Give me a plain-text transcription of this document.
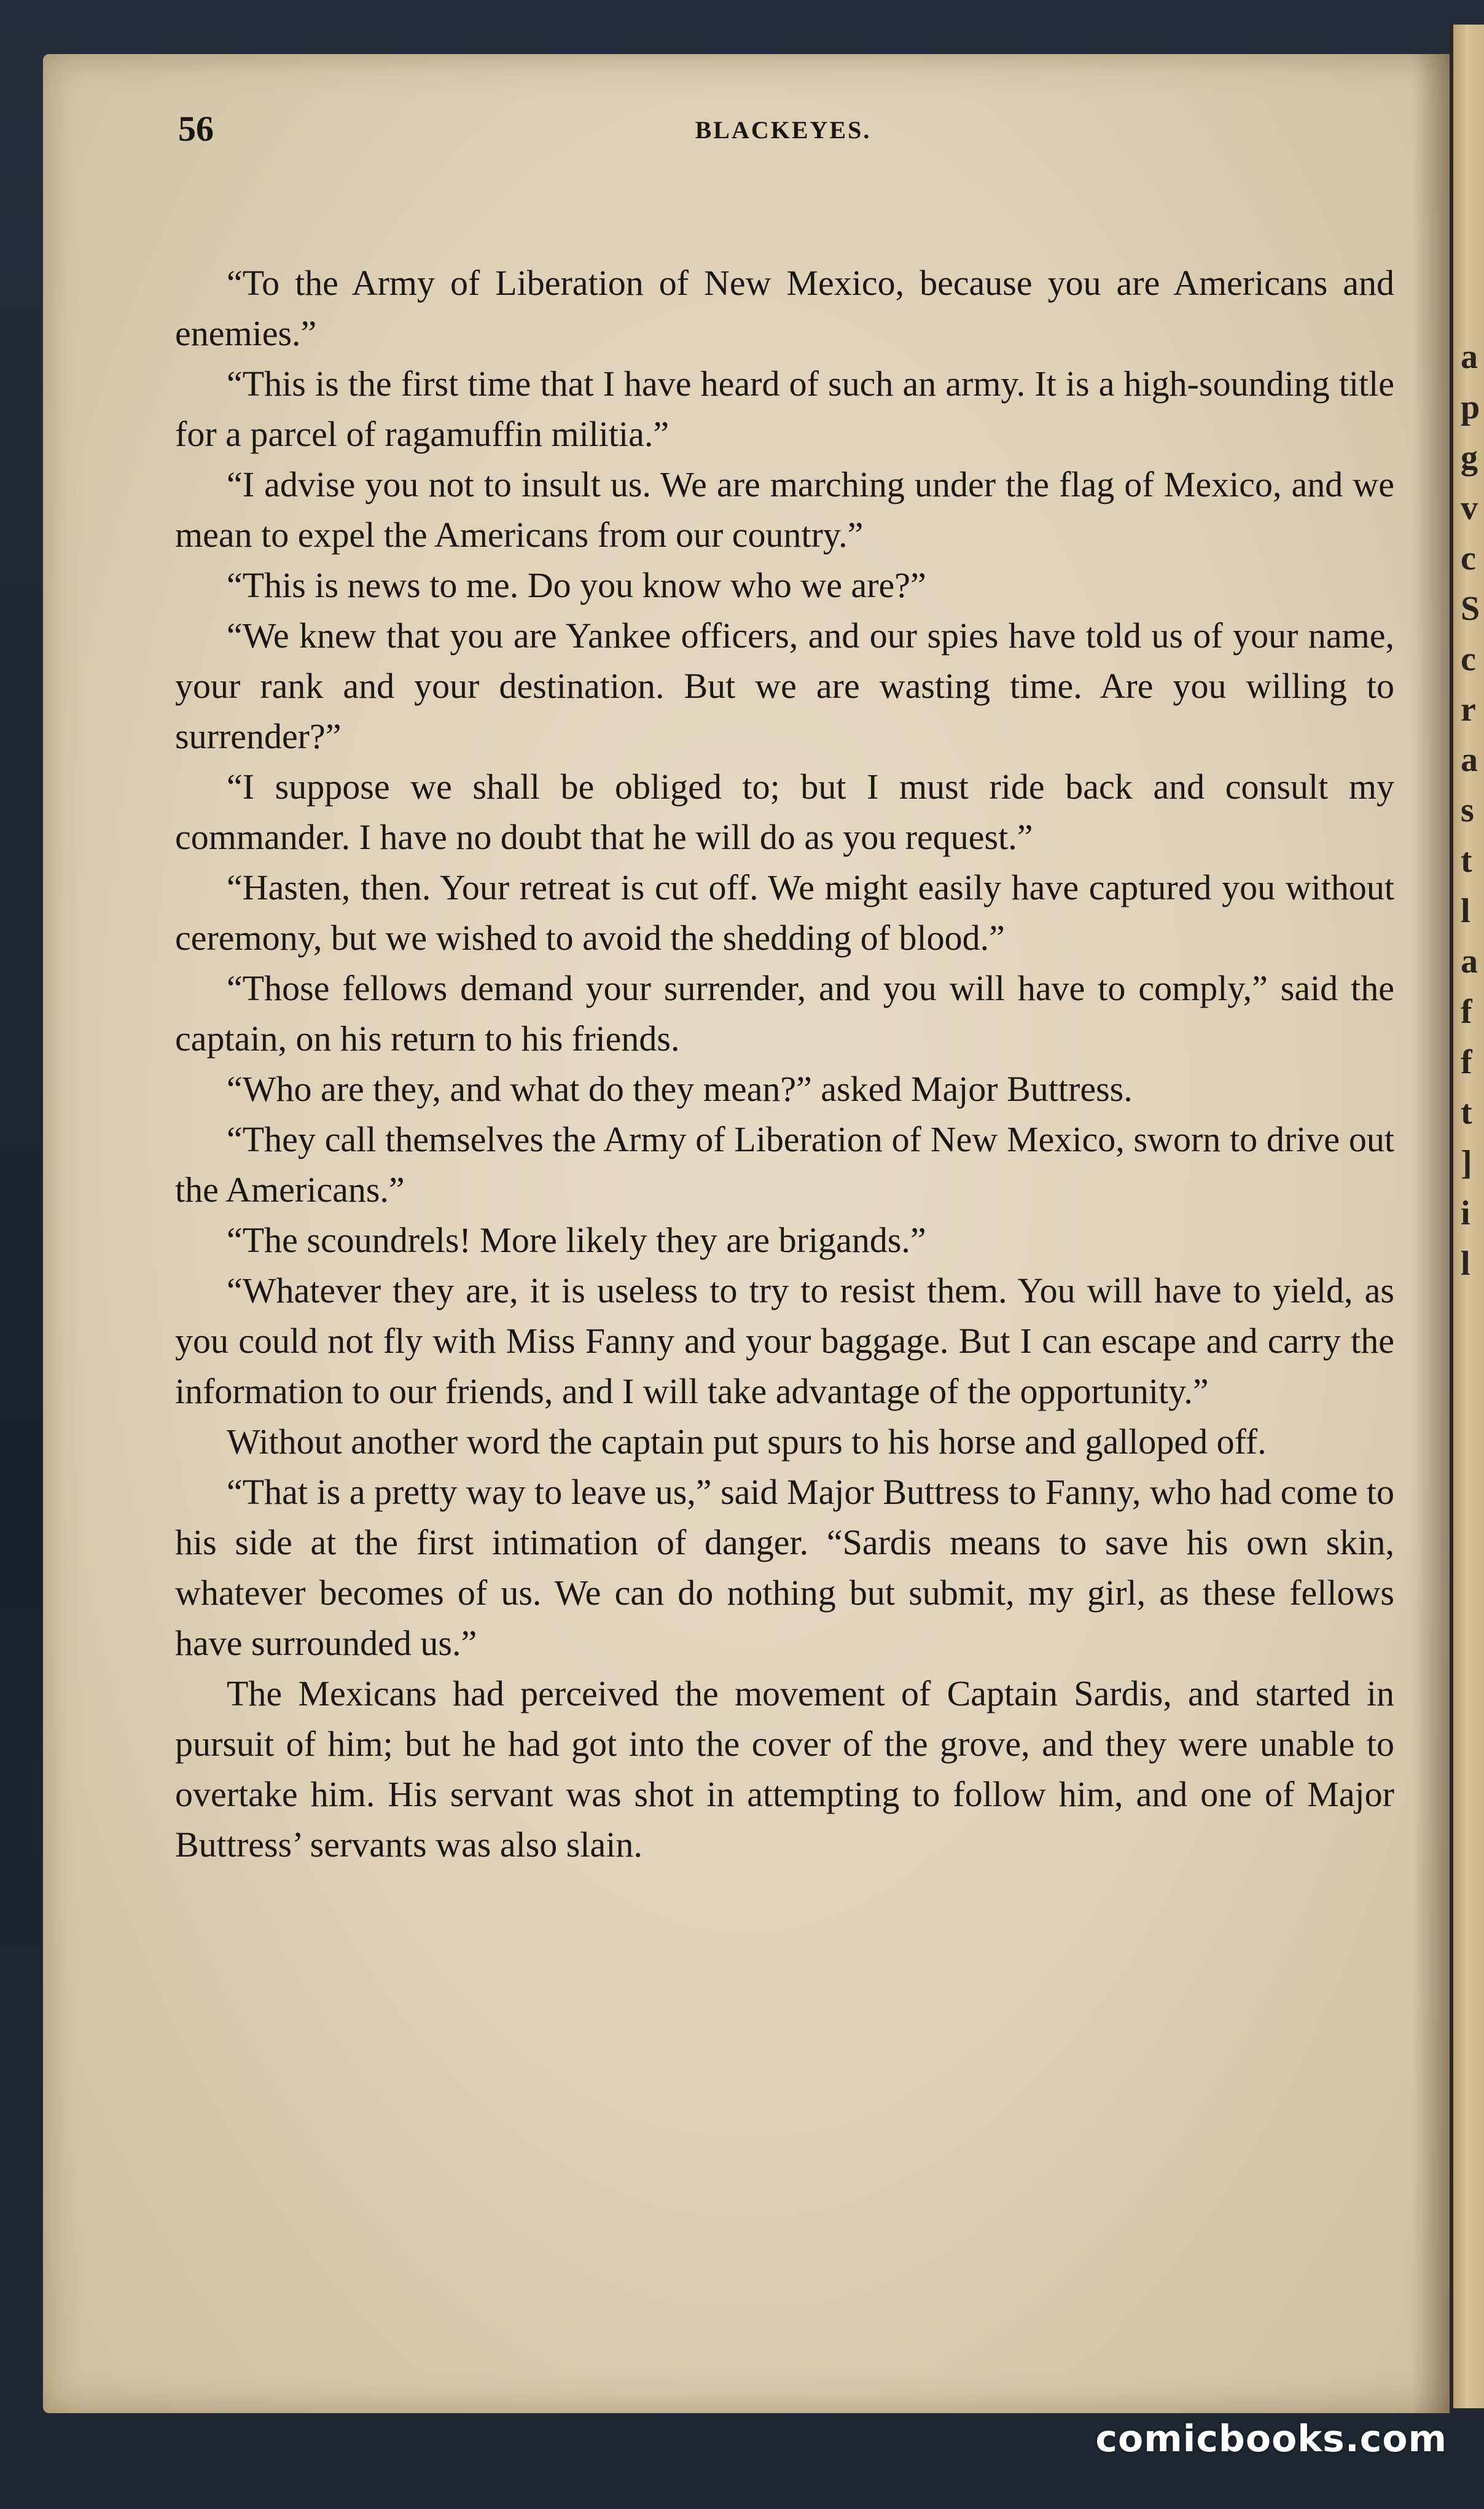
a
p
g
v
c
S
c
r
a
s
t
l
a
f
f
t
]
i
l
56	BLACKEYES.

“To the Army of Liberation of New Mexico, because you are Americans and enemies.”

“This is the first time that I have heard of such an army. It is a high-sounding title for a parcel of ragamuffin militia.”

“I advise you not to insult us. We are marching under the flag of Mexico, and we mean to expel the Americans from our country.”

“This is news to me. Do you know who we are?”

“We knew that you are Yankee officers, and our spies have told us of your name, your rank and your destination. But we are wasting time. Are you willing to surrender?”

“I suppose we shall be obliged to; but I must ride back and consult my commander. I have no doubt that he will do as you request.”

“Hasten, then. Your retreat is cut off. We might easily have captured you without ceremony, but we wished to avoid the shedding of blood.”

“Those fellows demand your surrender, and you will have to comply,” said the captain, on his return to his friends.

“Who are they, and what do they mean?” asked Major Buttress.

“They call themselves the Army of Liberation of New Mexico, sworn to drive out the Americans.”

“The scoundrels! More likely they are brigands.”

“Whatever they are, it is useless to try to resist them. You will have to yield, as you could not fly with Miss Fanny and your baggage. But I can escape and carry the information to our friends, and I will take advantage of the opportunity.”

Without another word the captain put spurs to his horse and galloped off.

“That is a pretty way to leave us,” said Major Buttress to Fanny, who had come to his side at the first intimation of danger. “Sardis means to save his own skin, whatever becomes of us. We can do nothing but submit, my girl, as these fellows have surrounded us.”

The Mexicans had perceived the movement of Captain Sardis, and started in pursuit of him; but he had got into the cover of the grove, and they were unable to overtake him. His servant was shot in attempting to follow him, and one of Major Buttress’ servants was also slain.

comicbooks.com
